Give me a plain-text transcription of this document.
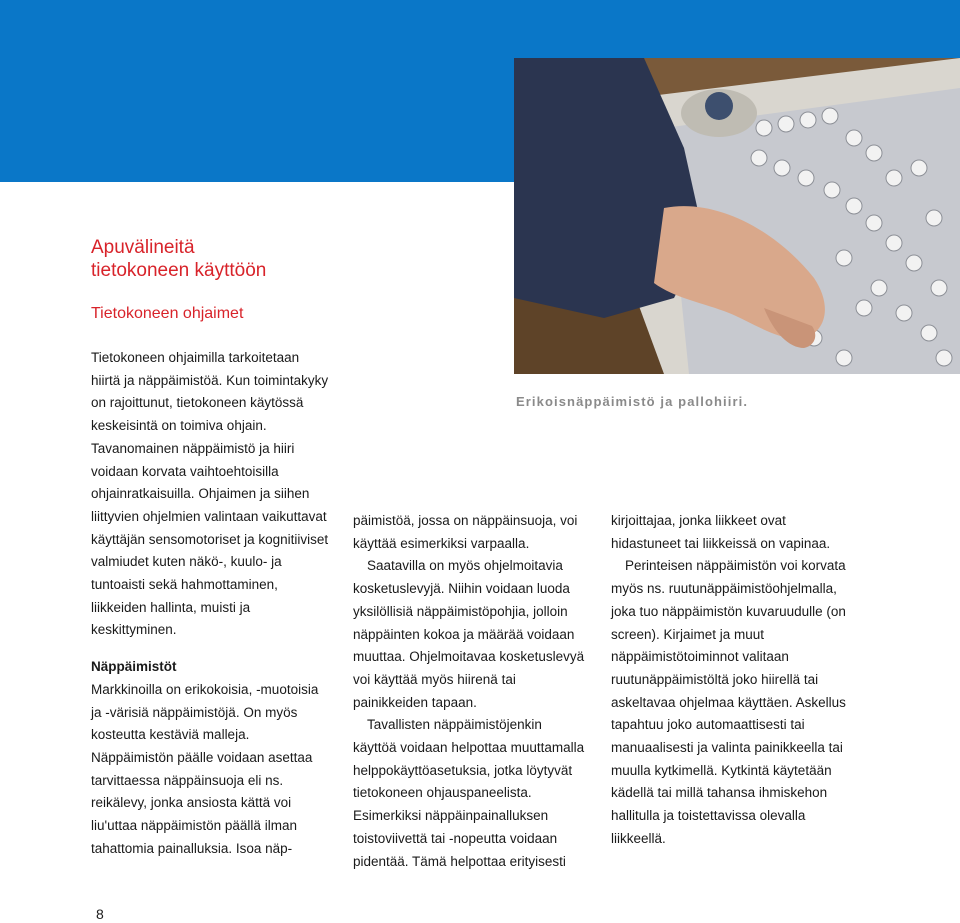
Erikoisnäppäimistö ja pallohiiri.
Apuvälineitä
tietokoneen käyttöön
Tietokoneen ohjaimet

Tietokoneen ohjaimilla tarkoitetaan hiirtä ja näppäimistöä. Kun toimintakyky on rajoittunut, tietokoneen käytössä keskeisintä on toimiva ohjain. Tavanomainen näppäimistö ja hiiri voidaan korvata vaihtoehtoisilla ohjainratkaisuilla. Ohjaimen ja siihen liittyvien ohjelmien valintaan vaikuttavat käyttäjän sensomotoriset ja kognitiiviset valmiudet kuten näkö-, kuulo- ja tuntoaisti sekä hahmottaminen, liikkeiden hallinta, muisti ja keskittyminen.

Näppäimistöt

Markkinoilla on erikokoisia, -muotoisia ja -värisiä näppäimistöjä. On myös kosteutta kestäviä malleja. Näppäimistön päälle voidaan asettaa tarvittaessa näppäinsuoja eli ns. reikälevy, jonka ansiosta kättä voi liu'uttaa näppäimistön päällä ilman tahattomia painalluksia. Isoa näp-

päimistöä, jossa on näppäinsuoja, voi käyttää esimerkiksi varpaalla.

Saatavilla on myös ohjelmoitavia kosketuslevyjä. Niihin voidaan luoda yksilöllisiä näppäimistöpohjia, jolloin näppäinten kokoa ja määrää voidaan muuttaa. Ohjelmoitavaa kosketuslevyä voi käyttää myös hiirenä tai painikkeiden tapaan.

Tavallisten näppäimistöjenkin käyttöä voidaan helpottaa muuttamalla helppokäyttöasetuksia, jotka löytyvät tietokoneen ohjauspaneelista. Esimerkiksi näppäinpainalluksen toistoviivettä tai -nopeutta voidaan pidentää. Tämä helpottaa erityisesti

kirjoittajaa, jonka liikkeet ovat hidastuneet tai liikkeissä on vapinaa.

Perinteisen näppäimistön voi korvata myös ns. ruutunäppäimistöohjelmalla, joka tuo näppäimistön kuvaruudulle (on screen). Kirjaimet ja muut näppäimistötoiminnot valitaan ruutunäppäimistöltä joko hiirellä tai askeltavaa ohjelmaa käyttäen. Askellus tapahtuu joko automaattisesti tai manuaalisesti ja valinta painikkeella tai muulla kytkimellä. Kytkintä käytetään kädellä tai millä tahansa ihmiskehon hallitulla ja toistettavissa olevalla liikkeellä.

8
